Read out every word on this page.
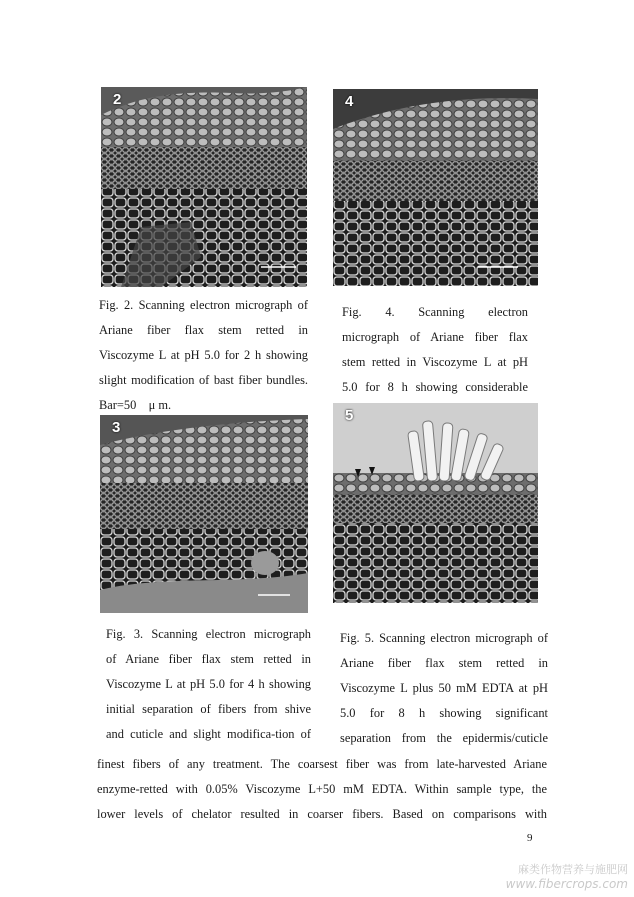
2	4
3
5

Fig. 2. Scanning electron micrograph of
Ariane fiber flax stem retted in
Viscozyme L at pH 5.0 for 2 h showing
slight modification of bast fiber bundles.
Bar=50　μ m.

Fig.　4.　Scanning　electron
micrograph of Ariane fiber flax
stem retted in Viscozyme L at pH
5.0 for 8 h showing considerable

Fig. 3. Scanning electron micrograph
of Ariane fiber flax stem retted in
Viscozyme L at pH 5.0 for 4 h showing
initial separation of fibers from shive
and cuticle and slight modifica-tion of

Fig. 5. Scanning electron micrograph of
Ariane fiber flax stem retted in
Viscozyme L plus 50 mM EDTA at pH
5.0 for 8 h showing significant
separation from the epidermis/cuticle

finest fibers of any treatment. The coarsest fiber was from late-harvested Ariane
enzyme-retted with 0.05% Viscozyme L+50 mM EDTA. Within sample type, the
lower levels of chelator resulted in coarser fibers. Based on comparisons with

9
麻类作物营养与施肥网
www.fibercrops.com
